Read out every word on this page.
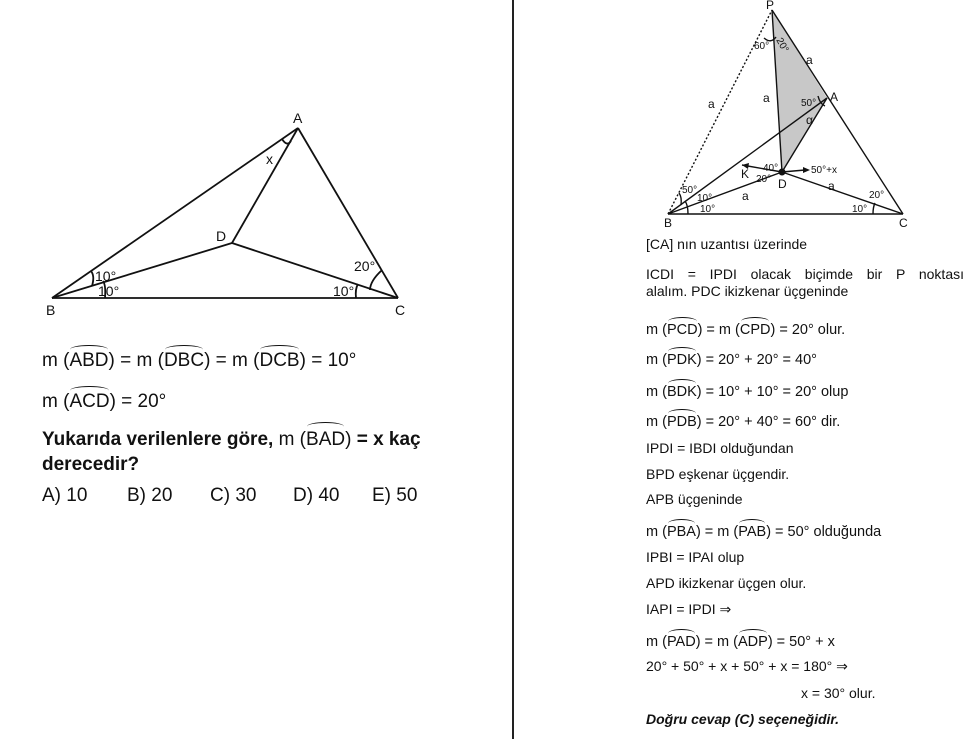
A
B	C
D
x
10°
10°	10°
20°
m (ABD) = m (DBC) = m (DCB) = 10°
m (ACD) = 20°
Yukarıda verilenlere göre, m (BAD) = x kaç derecedir?
A) 10 B) 20 C) 30 D) 40 E) 50
P
A
B	C
D
K
a	a
a
a
a
60° 20°
50°
α
40°
20°
50°+x
50°
10°
10°
20°
10°
[CA] nın uzantısı üzerinde
ICDI = IPDI olacak biçimde bir P noktası
alalım. PDC ikizkenar üçgeninde
m (PCD) = m (CPD) = 20° olur.
m (PDK) = 20° + 20° = 40°
m (BDK) = 10° + 10° = 20° olup
m (PDB) = 20° + 40° = 60° dir.
IPDI = IBDI olduğundan
BPD eşkenar üçgendir.
APB üçgeninde
m (PBA) = m (PAB) = 50° olduğunda
IPBI = IPAI olup
APD ikizkenar üçgen olur.
IAPI = IPDI ⇒
m (PAD) = m (ADP) = 50° + x
20° + 50° + x + 50° + x = 180° ⇒
x = 30° olur.
Doğru cevap (C) seçeneğidir.
